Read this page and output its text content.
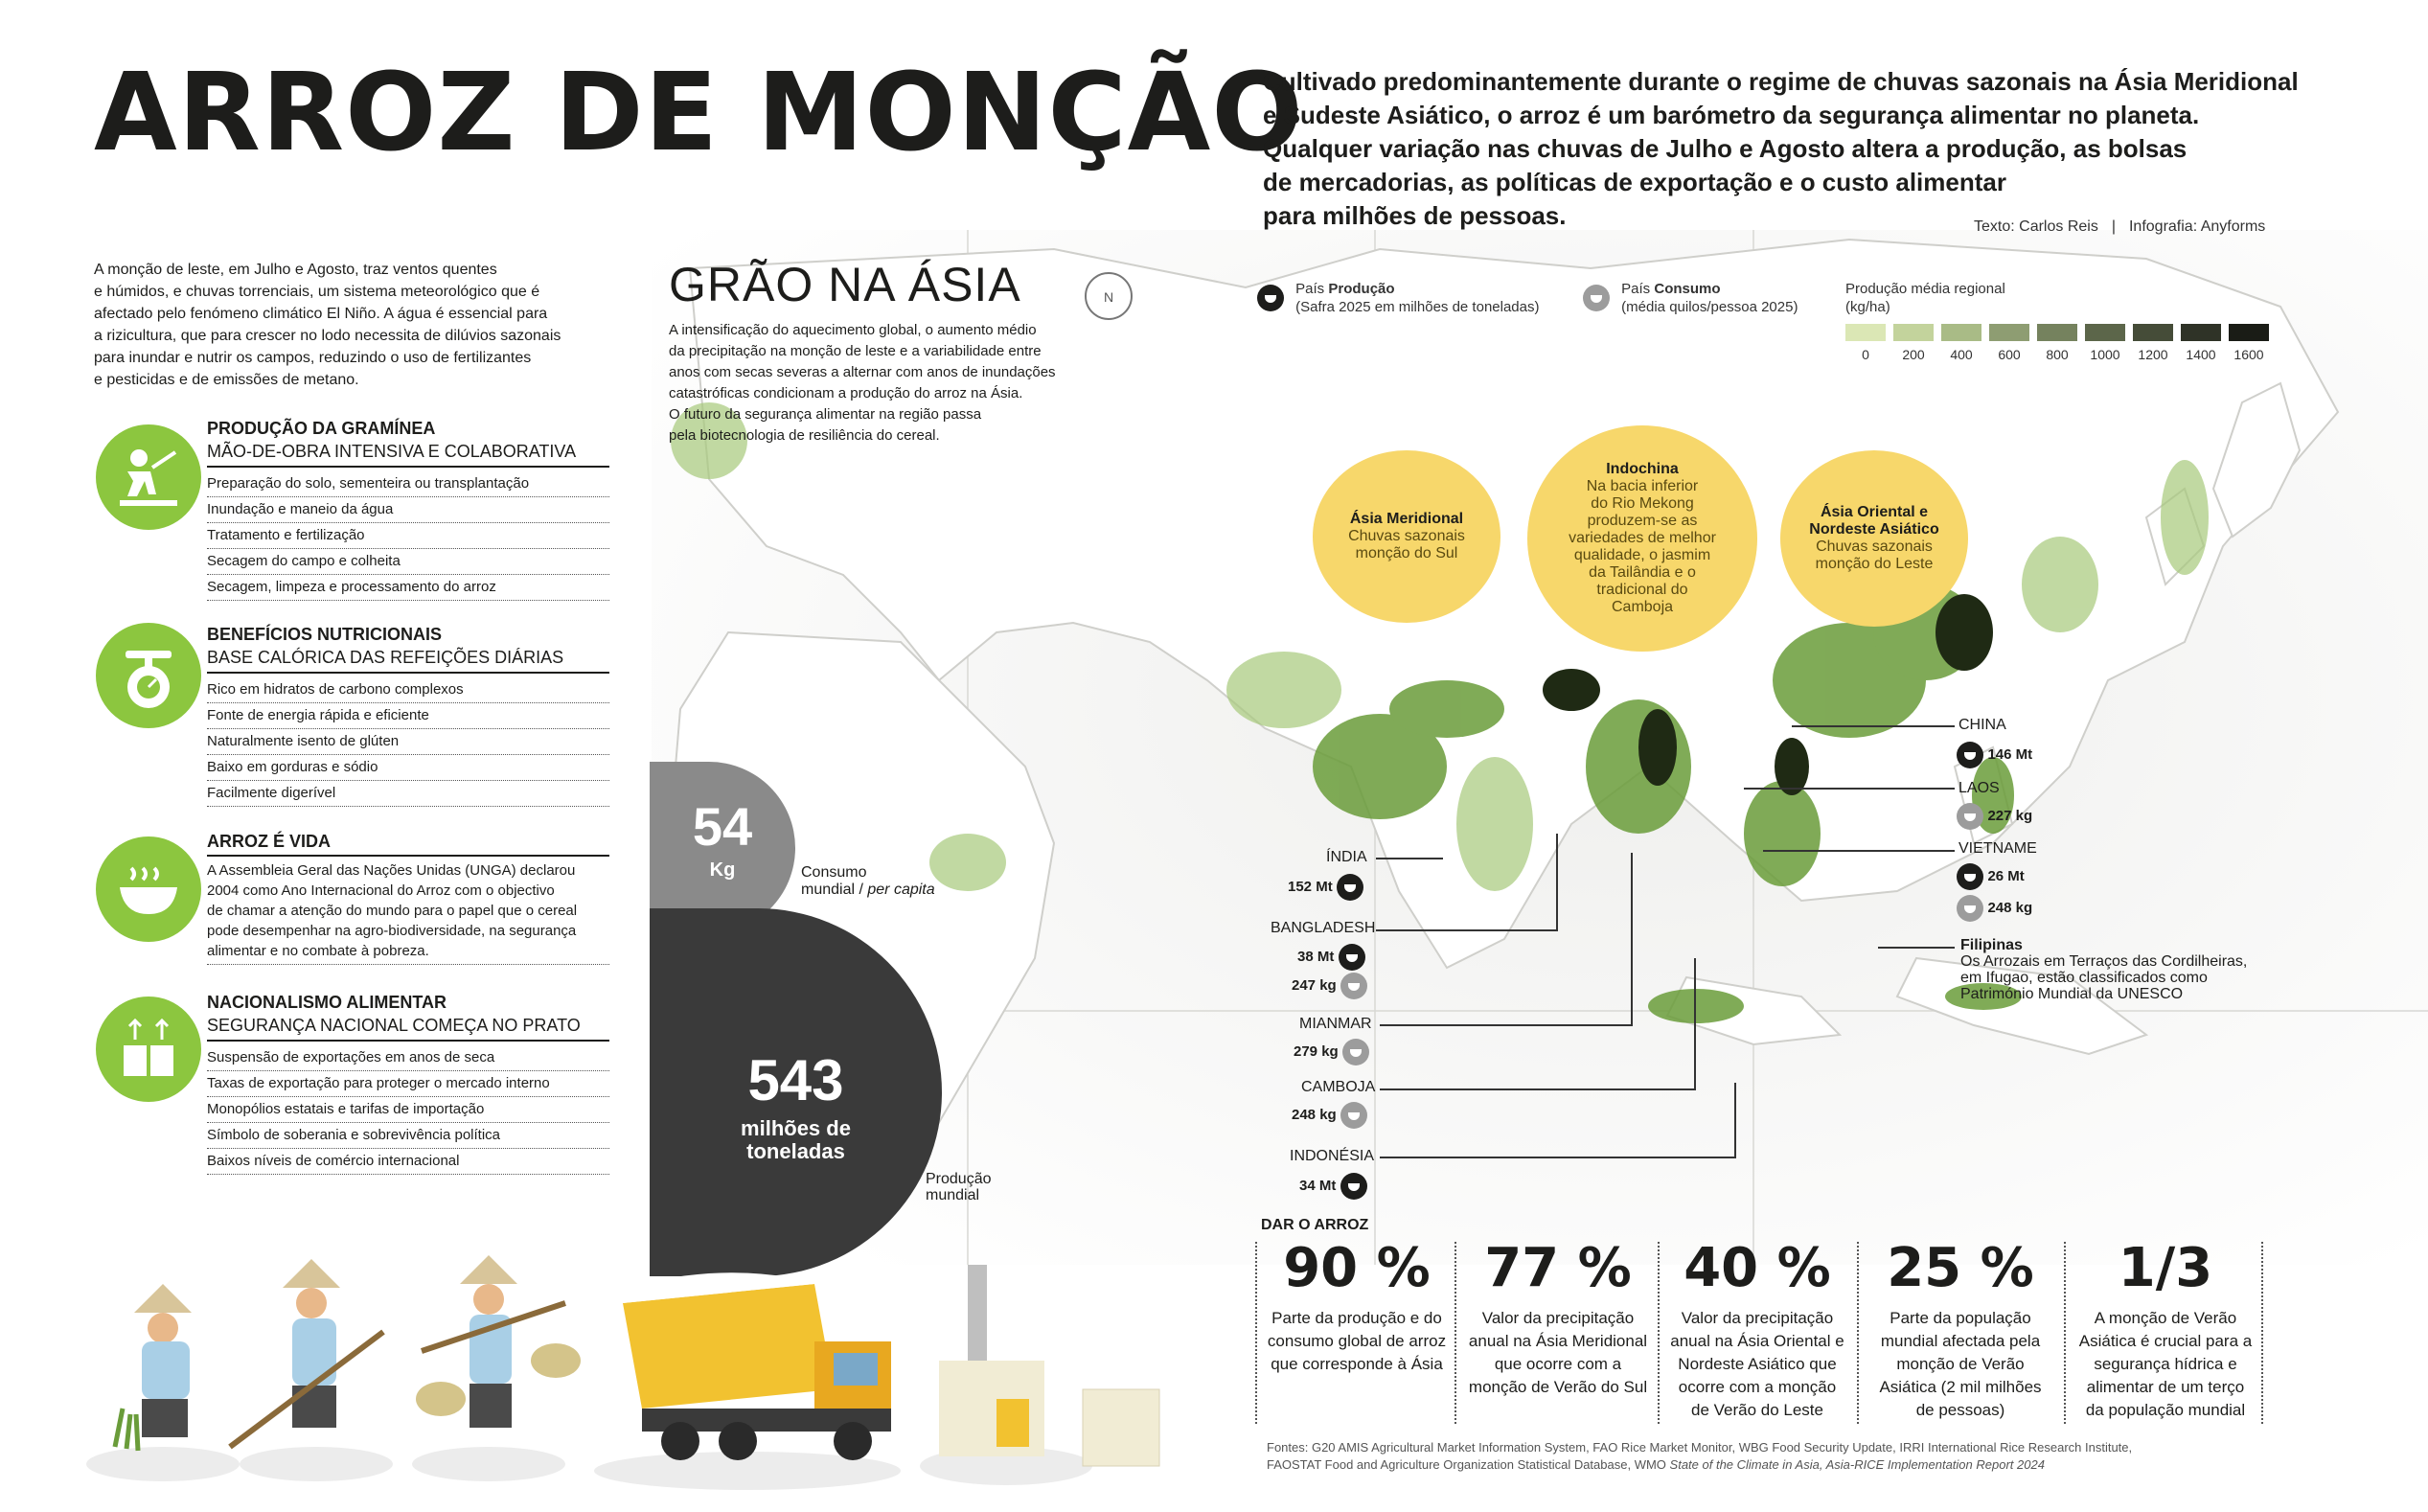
ARROZ DE MONÇÃO
Cultivado predominantemente durante o regime de chuvas sazonais na Ásia Meridional
e Sudeste Asiático, o arroz é um barómetro da segurança alimentar no planeta.
Qualquer variação nas chuvas de Julho e Agosto altera a produção, as bolsas
de mercadorias, as políticas de exportação e o custo alimentar
para milhões de pessoas.	Texto: Carlos Reis | Infografia: Anyforms
A monção de leste, em Julho e Agosto, traz ventos quentes
e húmidos, e chuvas torrenciais, um sistema meteorológico que é
afectado pelo fenómeno climático El Niño. A água é essencial para
a rizicultura, que para crescer no lodo necessita de dilúvios sazonais
para inundar e nutrir os campos, reduzindo o uso de fertilizantes
e pesticidas e de emissões de metano.
PRODUÇÃO DA GRAMÍNEA
MÃO-DE-OBRA INTENSIVA E COLABORATIVA
Preparação do solo, sementeira ou transplantação
Inundação e maneio da água
Tratamento e fertilização
Secagem do campo e colheita
Secagem, limpeza e processamento do arroz
BENEFÍCIOS NUTRICIONAIS
BASE CALÓRICA DAS REFEIÇÕES DIÁRIAS
Rico em hidratos de carbono complexos
Fonte de energia rápida e eficiente
Naturalmente isento de glúten
Baixo em gorduras e sódio
Facilmente digerível
ARROZ É VIDA
A Assembleia Geral das Nações Unidas (UNGA) declarou
2004 como Ano Internacional do Arroz com o objectivo
de chamar a atenção do mundo para o papel que o cereal
pode desempenhar na agro-biodiversidade, na segurança
alimentar e no combate à pobreza.
NACIONALISMO ALIMENTAR
SEGURANÇA NACIONAL COMEÇA NO PRATO
Suspensão de exportações em anos de seca
Taxas de exportação para proteger o mercado interno
Monopólios estatais e tarifas de importação
Símbolo de soberania e sobrevivência política
Baixos níveis de comércio internacional
GRÃO NA ÁSIA	N
A intensificação do aquecimento global, o aumento médio
da precipitação na monção de leste e a variabilidade entre
anos com secas severas a alternar com anos de inundações
catastróficas condicionam a produção do arroz na Ásia.
O futuro da segurança alimentar na região passa
pela biotecnologia de resiliência do cereal.
54
Kg	Consumo
mundial / per capita
543
milhões de
toneladas
Produção
mundial
País Produção
(Safra 2025 em milhões de toneladas)
País Consumo
(média quilos/pessoa 2025)
Produção média regional
(kg/ha)
0	200	400	600	800	1000	1200	1400	1600
Ásia Meridional
Chuvas sazonais
monção do Sul
Indochina
Na bacia inferior
do Rio Mekong
produzem-se as
variedades de melhor
qualidade, o jasmim
da Tailândia e o
tradicional do
Camboja
Ásia Oriental e
Nordeste Asiático
Chuvas sazonais
monção do Leste
CHINA
146 Mt
LAOS
227 kg
VIETNAME
26 Mt
248 kg
Filipinas
Os Arrozais em Terraços das Cordilheiras,
em Ifugao, estão classificados como
Património Mundial da UNESCO
ÍNDIA
152 Mt
BANGLADESH
38 Mt
247 kg
MIANMAR
279 kg
CAMBOJA
248 kg
INDONÉSIA
34 Mt
DAR O ARROZ
90 %
Parte da produção e do
consumo global de arroz
que corresponde à Ásia
77 %
Valor da precipitação
anual na Ásia Meridional
que ocorre com a
monção de Verão do Sul
40 %
Valor da precipitação
anual na Ásia Oriental e
Nordeste Asiático que
ocorre com a monção
de Verão do Leste
25 %
Parte da população
mundial afectada pela
monção de Verão
Asiática (2 mil milhões
de pessoas)
1/3
A monção de Verão
Asiática é crucial para a
segurança hídrica e
alimentar de um terço
da população mundial
Fontes: G20 AMIS Agricultural Market Information System, FAO Rice Market Monitor, WBG Food Security Update, IRRI International Rice Research Institute,
FAOSTAT Food and Agriculture Organization Statistical Database, WMO State of the Climate in Asia, Asia-RICE Implementation Report 2024
